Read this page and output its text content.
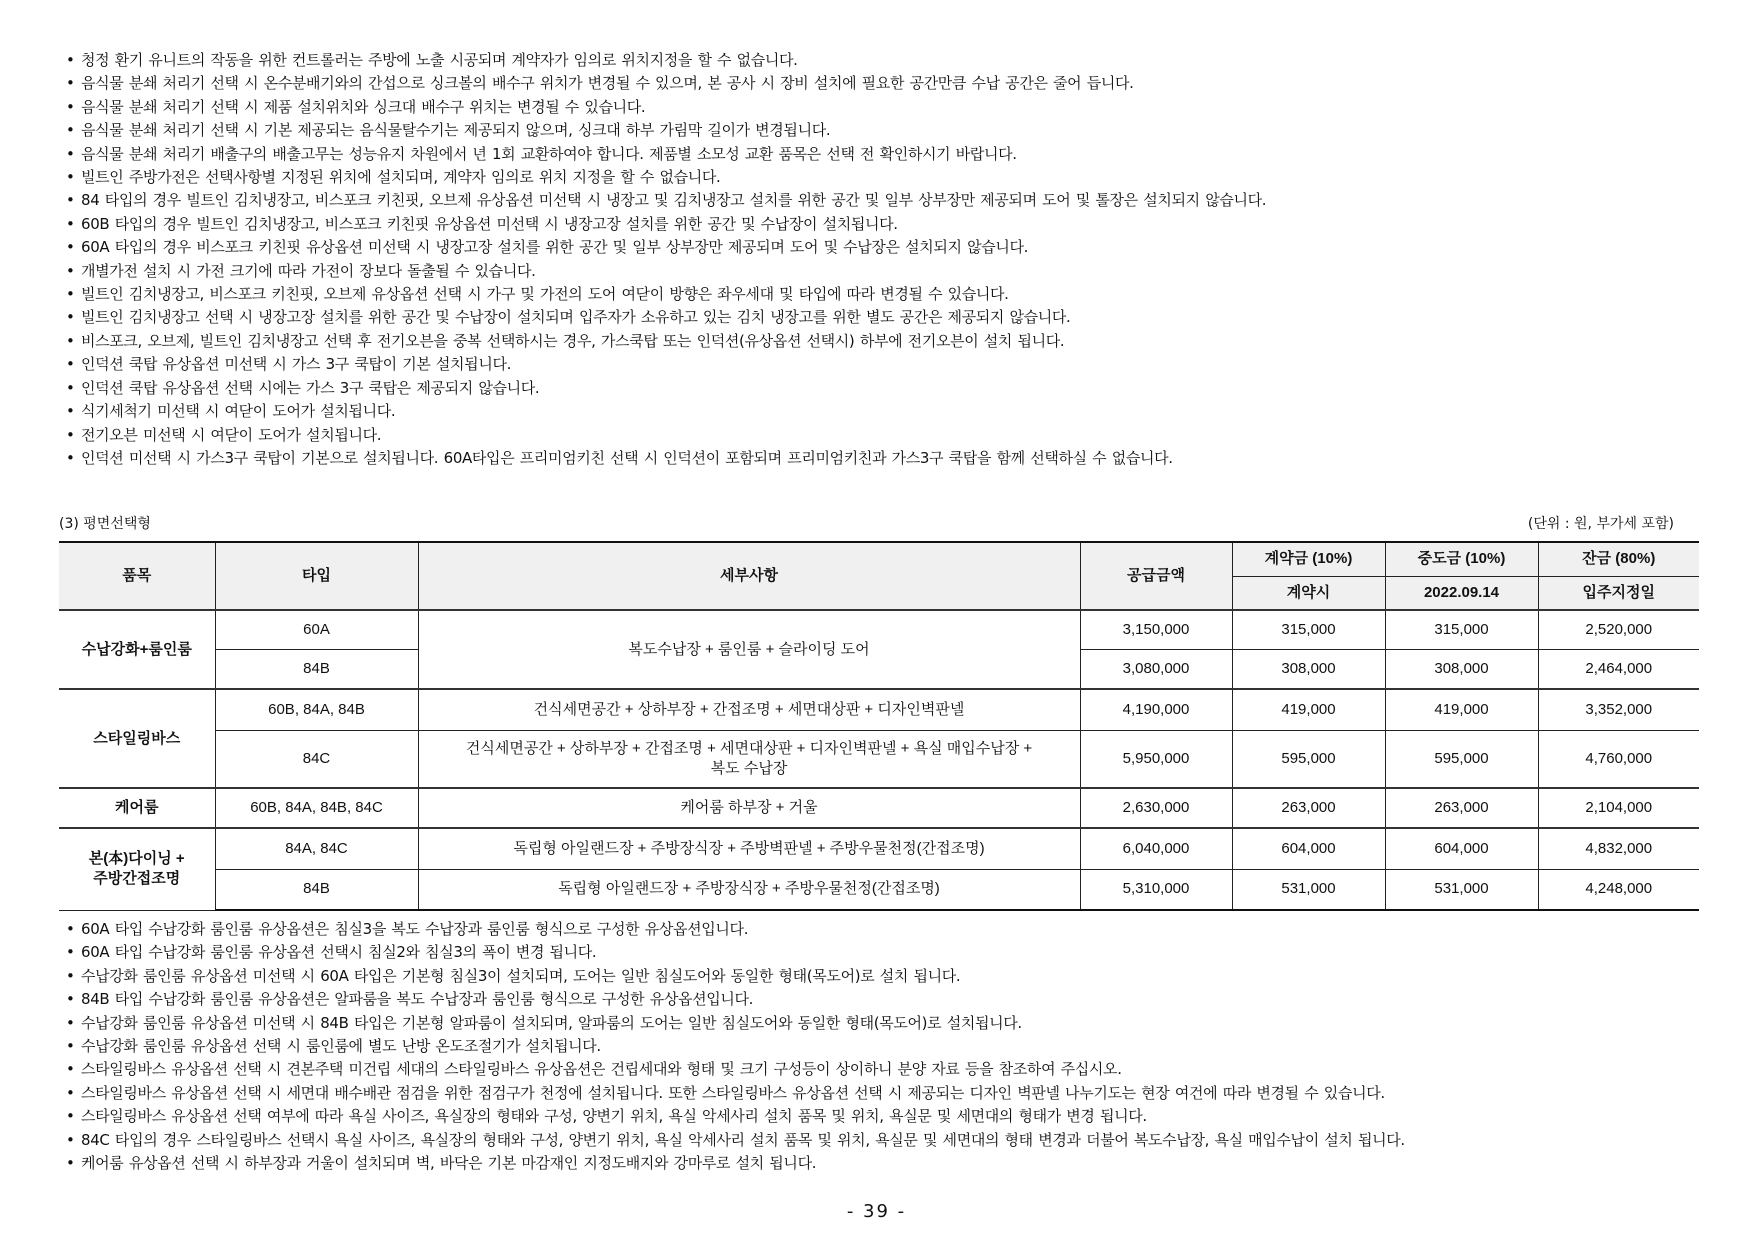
• 청정 환기 유니트의 작동을 위한 컨트롤러는 주방에 노출 시공되며 계약자가 임의로 위치지정을 할 수 없습니다.
• 음식물 분쇄 처리기 선택 시 온수분배기와의 간섭으로 싱크볼의 배수구 위치가 변경될 수 있으며, 본 공사 시 장비 설치에 필요한 공간만큼 수납 공간은 줄어 듭니다.
• 음식물 분쇄 처리기 선택 시 제품 설치위치와 싱크대 배수구 위치는 변경될 수 있습니다.
• 음식물 분쇄 처리기 선택 시 기본 제공되는 음식물탈수기는 제공되지 않으며, 싱크대 하부 가림막 길이가 변경됩니다.
• 음식물 분쇄 처리기 배출구의 배출고무는 성능유지 차원에서 년 1회 교환하여야 합니다. 제품별 소모성 교환 품목은 선택 전 확인하시기 바랍니다.
• 빌트인 주방가전은 선택사항별 지정된 위치에 설치되며, 계약자 임의로 위치 지정을 할 수 없습니다.
• 84 타입의 경우 빌트인 김치냉장고, 비스포크 키친핏, 오브제 유상옵션 미선택 시 냉장고 및 김치냉장고 설치를 위한 공간 및 일부 상부장만 제공되며 도어 및 톨장은 설치되지 않습니다.
• 60B 타입의 경우 빌트인 김치냉장고, 비스포크 키친핏 유상옵션 미선택 시 냉장고장 설치를 위한 공간 및 수납장이 설치됩니다.
• 60A 타입의 경우 비스포크 키친핏 유상옵션 미선택 시 냉장고장 설치를 위한 공간 및 일부 상부장만 제공되며 도어 및 수납장은 설치되지 않습니다.
• 개별가전 설치 시 가전 크기에 따라 가전이 장보다 돌출될 수 있습니다.
• 빌트인 김치냉장고, 비스포크 키친핏, 오브제 유상옵션 선택 시 가구 및 가전의 도어 여닫이 방향은 좌우세대 및 타입에 따라 변경될 수 있습니다.
• 빌트인 김치냉장고 선택 시 냉장고장 설치를 위한 공간 및 수납장이 설치되며 입주자가 소유하고 있는 김치 냉장고를 위한 별도 공간은 제공되지 않습니다.
• 비스포크, 오브제, 빌트인 김치냉장고 선택 후 전기오븐을 중복 선택하시는 경우, 가스쿡탑 또는 인덕션(유상옵션 선택시) 하부에 전기오븐이 설치 됩니다.
• 인덕션 쿡탑 유상옵션 미선택 시 가스 3구 쿡탑이 기본 설치됩니다.
• 인덕션 쿡탑 유상옵션 선택 시에는 가스 3구 쿡탑은 제공되지 않습니다.
• 식기세척기 미선택 시 여닫이 도어가 설치됩니다.
• 전기오븐 미선택 시 여닫이 도어가 설치됩니다.
• 인덕션 미선택 시 가스3구 쿡탑이 기본으로 설치됩니다. 60A타입은 프리미엄키친 선택 시 인덕션이 포함되며 프리미엄키친과 가스3구 쿡탑을 함께 선택하실 수 없습니다.
(3) 평면선택형	(단위 : 원, 부가세 포함)
품목	타입	세부사항	공급금액	계약금 (10%)	중도금 (10%)	잔금 (80%)
				계약시	2022.09.14	입주지정일
수납강화+룸인룸	60A	복도수납장 + 룸인룸 + 슬라이딩 도어	3,150,000	315,000	315,000	2,520,000
	84B		3,080,000	308,000	308,000	2,464,000
스타일링바스	60B, 84A, 84B	건식세면공간 + 상하부장 + 간접조명 + 세면대상판 + 디자인벽판넬	4,190,000	419,000	419,000	3,352,000
	84C	건식세면공간 + 상하부장 + 간접조명 + 세면대상판 + 디자인벽판넬 + 욕실 매입수납장 +
복도 수납장	5,950,000	595,000	595,000	4,760,000
케어룸	60B, 84A, 84B, 84C	케어룸 하부장 + 거울	2,630,000	263,000	263,000	2,104,000

본(本)다이닝 +
주방간접조명	84A, 84C	독립형 아일랜드장 + 주방장식장 + 주방벽판넬 + 주방우물천정(간접조명)	6,040,000	604,000	604,000	4,832,000
	84B	독립형 아일랜드장 + 주방장식장 + 주방우물천정(간접조명)	5,310,000	531,000	531,000	4,248,000
• 60A 타입 수납강화 룸인룸 유상옵션은 침실3을 복도 수납장과 룸인룸 형식으로 구성한 유상옵션입니다.
• 60A 타입 수납강화 룸인룸 유상옵션 선택시 침실2와 침실3의 폭이 변경 됩니다.
• 수납강화 룸인룸 유상옵션 미선택 시 60A 타입은 기본형 침실3이 설치되며, 도어는 일반 침실도어와 동일한 형태(목도어)로 설치 됩니다.
• 84B 타입 수납강화 룸인룸 유상옵션은 알파룸을 복도 수납장과 룸인룸 형식으로 구성한 유상옵션입니다.
• 수납강화 룸인룸 유상옵션 미선택 시 84B 타입은 기본형 알파룸이 설치되며, 알파룸의 도어는 일반 침실도어와 동일한 형태(목도어)로 설치됩니다.
• 수납강화 룸인룸 유상옵션 선택 시 룸인룸에 별도 난방 온도조절기가 설치됩니다.
• 스타일링바스 유상옵션 선택 시 견본주택 미건립 세대의 스타일링바스 유상옵션은 건립세대와 형태 및 크기 구성등이 상이하니 분양 자료 등을 참조하여 주십시오.
• 스타일링바스 유상옵션 선택 시 세면대 배수배관 점검을 위한 점검구가 천정에 설치됩니다. 또한 스타일링바스 유상옵션 선택 시 제공되는 디자인 벽판넬 나누기도는 현장 여건에 따라 변경될 수 있습니다.
• 스타일링바스 유상옵션 선택 여부에 따라 욕실 사이즈, 욕실장의 형태와 구성, 양변기 위치, 욕실 악세사리 설치 품목 및 위치, 욕실문 및 세면대의 형태가 변경 됩니다.
• 84C 타입의 경우 스타일링바스 선택시 욕실 사이즈, 욕실장의 형태와 구성, 양변기 위치, 욕실 악세사리 설치 품목 및 위치, 욕실문 및 세면대의 형태 변경과 더불어 복도수납장, 욕실 매입수납이 설치 됩니다.
• 케어룸 유상옵션 선택 시 하부장과 거울이 설치되며 벽, 바닥은 기본 마감재인 지정도배지와 강마루로 설치 됩니다.
- 39 -
